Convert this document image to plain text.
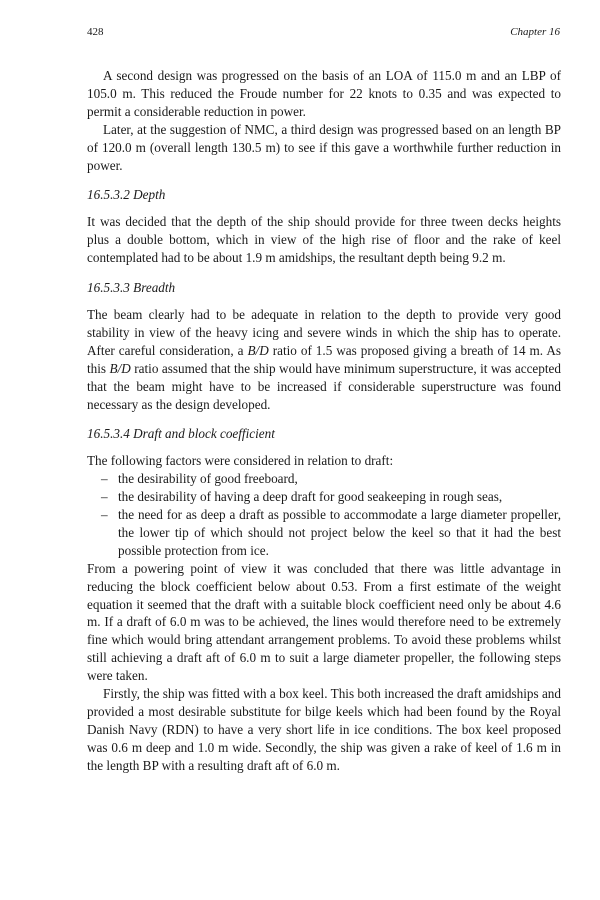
428	Chapter 16

A second design was progressed on the basis of an LOA of 115.0 m and an LBP of 105.0 m. This reduced the Froude number for 22 knots to 0.35 and was expected to permit a considerable reduction in power.

Later, at the suggestion of NMC, a third design was progressed based on an length BP of 120.0 m (overall length 130.5 m) to see if this gave a worthwhile further reduction in power.

16.5.3.2 Depth

It was decided that the depth of the ship should provide for three tween decks heights plus a double bottom, which in view of the high rise of floor and the rake of keel contemplated had to be about 1.9 m amidships, the resultant depth being 9.2 m.

16.5.3.3 Breadth

The beam clearly had to be adequate in relation to the depth to provide very good stability in view of the heavy icing and severe winds in which the ship has to operate. After careful consideration, a B/D ratio of 1.5 was proposed giving a breath of 14 m. As this B/D ratio assumed that the ship would have minimum superstructure, it was accepted that the beam might have to be increased if considerable superstructure was found necessary as the design developed.

16.5.3.4 Draft and block coefficient

The following factors were considered in relation to draft:

– the desirability of good freeboard,
– the desirability of having a deep draft for good seakeeping in rough seas,
– the need for as deep a draft as possible to accommodate a large diameter propeller, the lower tip of which should not project below the keel so that it had the best possible protection from ice.

From a powering point of view it was concluded that there was little advantage in reducing the block coefficient below about 0.53. From a first estimate of the weight equation it seemed that the draft with a suitable block coefficient need only be about 4.6 m. If a draft of 6.0 m was to be achieved, the lines would therefore need to be extremely fine which would bring attendant arrangement problems. To avoid these problems whilst still achieving a draft aft of 6.0 m to suit a large diameter propeller, the following steps were taken.

Firstly, the ship was fitted with a box keel. This both increased the draft amidships and provided a most desirable substitute for bilge keels which had been found by the Royal Danish Navy (RDN) to have a very short life in ice conditions. The box keel proposed was 0.6 m deep and 1.0 m wide. Secondly, the ship was given a rake of keel of 1.6 m in the length BP with a resulting draft aft of 6.0 m.
